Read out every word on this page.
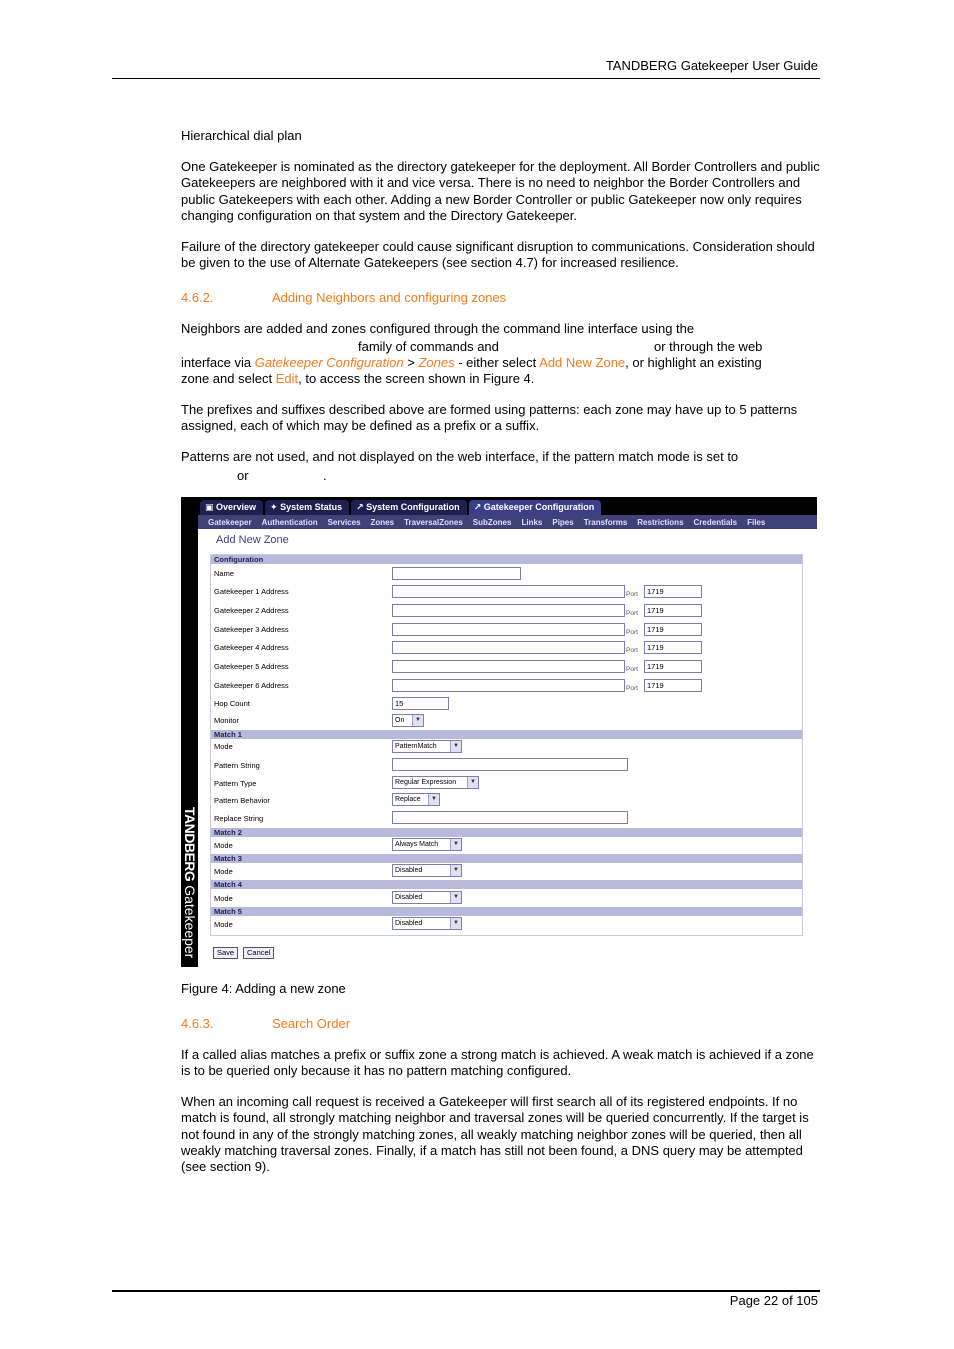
TANDBERG Gatekeeper User Guide
Hierarchical dial plan
One Gatekeeper is nominated as the directory gatekeeper for the deployment. All Border Controllers and public Gatekeepers are neighbored with it and vice versa. There is no need to neighbor the Border Controllers and public Gatekeepers with each other. Adding a new Border Controller or public Gatekeeper now only requires changing configuration on that system and the Directory Gatekeeper.
Failure of the directory gatekeeper could cause significant disruption to communications. Consideration should be given to the use of Alternate Gatekeepers (see section 4.7) for increased resilience.
4.6.2.	Adding Neighbors and configuring zones
Neighbors are added and zones configured through the command line interface using the
family of commands and	or through the web
interface via Gatekeeper Configuration > Zones - either select Add New Zone, or highlight an existing
zone and select Edit, to access the screen shown in Figure 4.
The prefixes and suffixes described above are formed using patterns: each zone may have up to 5 patterns assigned, each of which may be defined as a prefix or a suffix.
Patterns are not used, and not displayed on the web interface, if the pattern match mode is set to
or	.
TANDBERG Gatekeeper
▣ Overview	✦ System Status	↗ System Configuration	↗ Gatekeeper Configuration
Gatekeeper Authentication Services Zones TraversalZones SubZones Links Pipes Transforms Restrictions Credentials Files
Add New Zone
Configuration
Name
Gatekeeper 1 Address	Port	1719
Gatekeeper 2 Address	Port	1719
Gatekeeper 3 Address	Port	1719
Gatekeeper 4 Address	Port	1719
Gatekeeper 5 Address	Port	1719
Gatekeeper 6 Address	Port	1719
Hop Count	15
Monitor	On	▼
Match 1
Mode	PatternMatch	▼
Pattern String
Pattern Type	Regular Expression	▼
Pattern Behavior	Replace	▼
Replace String
Match 2
Mode	Always Match	▼
Match 3
Mode	Disabled	▼
Match 4
Mode	Disabled	▼
Match 5
Mode	Disabled	▼
Save	Cancel
Figure 4: Adding a new zone
4.6.3.	Search Order
If a called alias matches a prefix or suffix zone a strong match is achieved. A weak match is achieved if a zone is to be queried only because it has no pattern matching configured.
When an incoming call request is received a Gatekeeper will first search all of its registered endpoints. If no match is found, all strongly matching neighbor and traversal zones will be queried concurrently. If the target is not found in any of the strongly matching zones, all weakly matching neighbor zones will be queried, then all weakly matching traversal zones. Finally, if a match has still not been found, a DNS query may be attempted (see section 9).
Page 22 of 105
